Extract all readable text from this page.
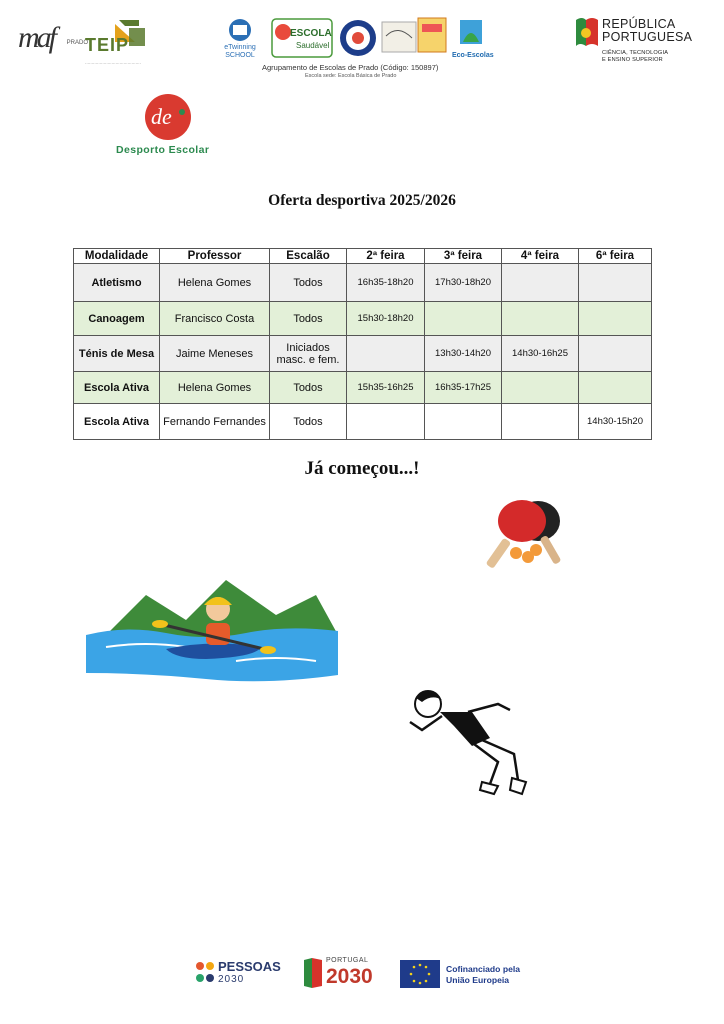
maf	PRADO
TEIP
··········································
ESCOLA
Saudável
eTwinning SCHOOL	Eco-Escolas
Agrupamento de Escolas de Prado (Código: 150897)
Escola sede: Escola Básica de Prado
REPÚBLICA
PORTUGUESA
CIÊNCIA, TECNOLOGIA
E ENSINO SUPERIOR
de
Desporto Escolar
Oferta desportiva 2025/2026
Modalidade	Professor	Escalão	2ª feira	3ª feira	4ª feira	6ª feira
Atletismo	Helena Gomes	Todos	16h35-18h20	17h30-18h20		
Canoagem	Francisco Costa	Todos	15h30-18h20			
Ténis de Mesa	Jaime Meneses	Iniciados masc. e fem.		13h30-14h20	14h30-16h25	
Escola Ativa	Helena Gomes	Todos	15h35-16h25	16h35-17h25		
Escola Ativa	Fernando Fernandes	Todos				14h30-15h20
Já começou...!
PESSOAS
2030
PORTUGAL
2030	Cofinanciado pela
União Europeia
